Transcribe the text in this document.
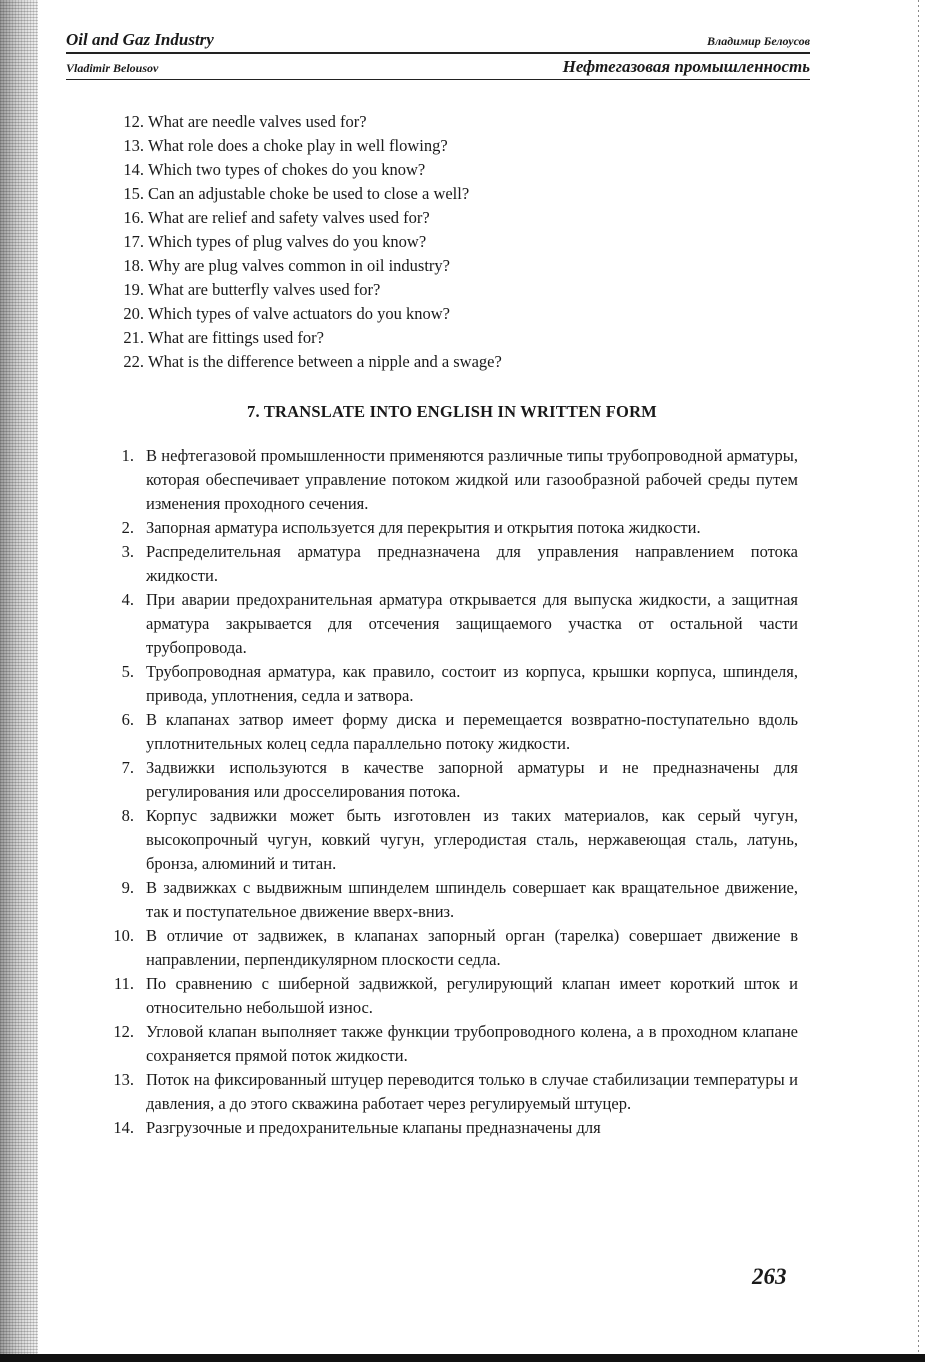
Oil and Gaz Industry	Владимир Белоусов
Vladimir Belousov	Нефтегазовая промышленность
12. What are needle valves used for?
13. What role does a choke play in well flowing?
14. Which two types of chokes do you know?
15. Can an adjustable choke be used to close a well?
16. What are relief and safety valves used for?
17. Which types of plug valves do you know?
18. Why are plug valves common in oil industry?
19. What are butterfly valves used for?
20. Which types of valve actuators do you know?
21. What are fittings used for?
22. What is the difference between a nipple and a swage?
7. TRANSLATE INTO ENGLISH IN WRITTEN FORM
1. В нефтегазовой промышленности применяются различные типы трубопроводной арматуры, которая обеспечивает управление потоком жидкой или газообразной рабочей среды путем изменения проходного сечения.
2. Запорная арматура используется для перекрытия и открытия потока жидкости.
3. Распределительная арматура предназначена для управления направлением потока жидкости.
4. При аварии предохранительная арматура открывается для выпуска жидкости, а защитная арматура закрывается для отсечения защищаемого участка от остальной части трубопровода.
5. Трубопроводная арматура, как правило, состоит из корпуса, крышки корпуса, шпинделя, привода, уплотнения, седла и затвора.
6. В клапанах затвор имеет форму диска и перемещается возвратно-поступательно вдоль уплотнительных колец седла параллельно потоку жидкости.
7. Задвижки используются в качестве запорной арматуры и не предназначены для регулирования или дросселирования потока.
8. Корпус задвижки может быть изготовлен из таких материалов, как серый чугун, высокопрочный чугун, ковкий чугун, углеродистая сталь, нержавеющая сталь, латунь, бронза, алюминий и титан.
9. В задвижках с выдвижным шпинделем шпиндель совершает как вращательное движение, так и поступательное движение вверх-вниз.
10. В отличие от задвижек, в клапанах запорный орган (тарелка) совершает движение в направлении, перпендикулярном плоскости седла.
11. По сравнению с шиберной задвижкой, регулирующий клапан имеет короткий шток и относительно небольшой износ.
12. Угловой клапан выполняет также функции трубопроводного колена, а в проходном клапане сохраняется прямой поток жидкости.
13. Поток на фиксированный штуцер переводится только в случае стабилизации температуры и давления, а до этого скважина работает через регулируемый штуцер.
14. Разгрузочные и предохранительные клапаны предназначены для
263
